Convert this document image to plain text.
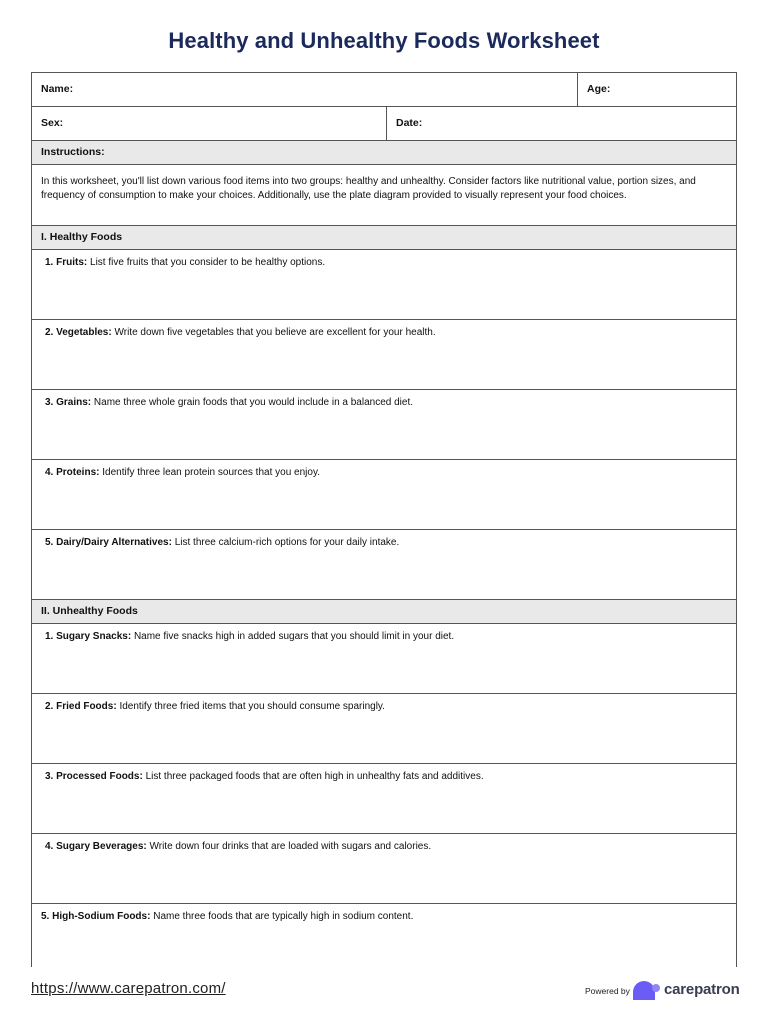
Healthy and Unhealthy Foods Worksheet
Name:	Age:
Sex:	Date:
Instructions:
In this worksheet, you'll list down various food items into two groups: healthy and unhealthy. Consider factors like nutritional value, portion sizes, and frequency of consumption to make your choices. Additionally, use the plate diagram provided to visually represent your food choices.
I. Healthy Foods
1. Fruits: List five fruits that you consider to be healthy options.
2. Vegetables: Write down five vegetables that you believe are excellent for your health.
3. Grains: Name three whole grain foods that you would include in a balanced diet.
4. Proteins: Identify three lean protein sources that you enjoy.
5. Dairy/Dairy Alternatives: List three calcium-rich options for your daily intake.
II. Unhealthy Foods
1. Sugary Snacks: Name five snacks high in added sugars that you should limit in your diet.
2. Fried Foods: Identify three fried items that you should consume sparingly.
3. Processed Foods: List three packaged foods that are often high in unhealthy fats and additives.
4. Sugary Beverages: Write down four drinks that are loaded with sugars and calories.
5. High-Sodium Foods: Name three foods that are typically high in sodium content.
https://www.carepatron.com/	Powered by carepatron
